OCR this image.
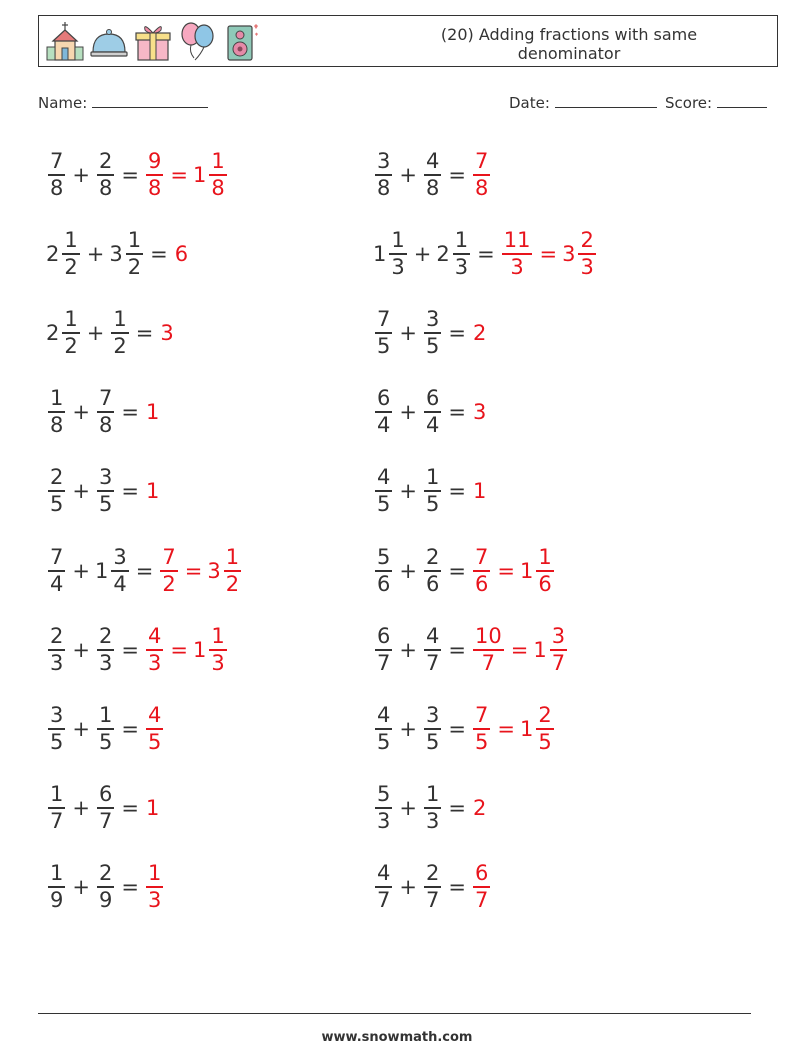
(20) Adding fractions with same
denominator
Name:	Date:	Score:
$\frac{7}{8} + \frac{2}{8} = \frac{9}{8} = 1 \frac{1}{8}$	$\frac{3}{8} + \frac{4}{8} = \frac{7}{8}$
$2 \frac{1}{2} + 3 \frac{1}{2} = 6$	$1 \frac{1}{3} + 2 \frac{1}{3} = \frac{11}{3} = 3 \frac{2}{3}$
$2 \frac{1}{2} + \frac{1}{2} = 3$	$\frac{7}{5} + \frac{3}{5} = 2$
$\frac{1}{8} + \frac{7}{8} = 1$	$\frac{6}{4} + \frac{6}{4} = 3$
$\frac{2}{5} + \frac{3}{5} = 1$	$\frac{4}{5} + \frac{1}{5} = 1$
$\frac{7}{4} + 1 \frac{3}{4} = \frac{7}{2} = 3 \frac{1}{2}$	$\frac{5}{6} + \frac{2}{6} = \frac{7}{6} = 1 \frac{1}{6}$
$\frac{2}{3} + \frac{2}{3} = \frac{4}{3} = 1 \frac{1}{3}$	$\frac{6}{7} + \frac{4}{7} = \frac{10}{7} = 1 \frac{3}{7}$
$\frac{3}{5} + \frac{1}{5} = \frac{4}{5}$	$\frac{4}{5} + \frac{3}{5} = \frac{7}{5} = 1 \frac{2}{5}$
$\frac{1}{7} + \frac{6}{7} = 1$	$\frac{5}{3} + \frac{1}{3} = 2$
$\frac{1}{9} + \frac{2}{9} = \frac{1}{3}$	$\frac{4}{7} + \frac{2}{7} = \frac{6}{7}$
www.snowmath.com
